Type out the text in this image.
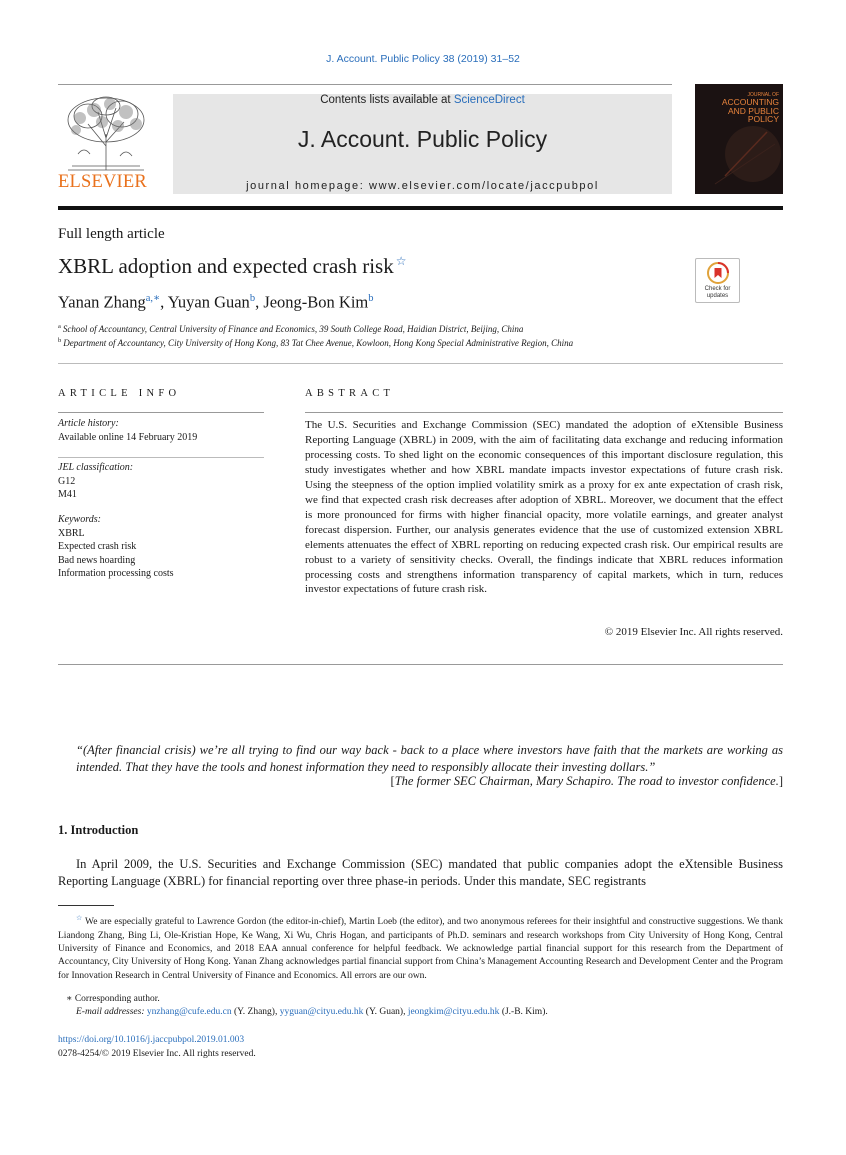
J. Account. Public Policy 38 (2019) 31–52
ELSEVIER
Contents lists available at ScienceDirect
J. Account. Public Policy
journal homepage: www.elsevier.com/locate/jaccpubpol
JOURNAL OF
ACCOUNTING
AND PUBLIC
POLICY
Full length article
XBRL adoption and expected crash risk ☆
Check for
updates
Yanan Zhang$^{a,∗}$, Yuyan Guan$^b$, Jeong-Bon Kim$^b$
$^a$ School of Accountancy, Central University of Finance and Economics, 39 South College Road, Haidian District, Beijing, China
$^b$ Department of Accountancy, City University of Hong Kong, 83 Tat Chee Avenue, Kowloon, Hong Kong Special Administrative Region, China
ARTICLE INFO
Article history:
Available online 14 February 2019
JEL classification:
G12
M41
Keywords:
XBRL
Expected crash risk
Bad news hoarding
Information processing costs
ABSTRACT
The U.S. Securities and Exchange Commission (SEC) mandated the adoption of eXtensible Business Reporting Language (XBRL) in 2009, with the aim of facilitating data exchange and reducing information processing costs. To shed light on the economic consequences of this important disclosure regulation, this study investigates whether and how XBRL mandate impacts investor expectations of future crash risk. Using the steepness of the option implied volatility smirk as a proxy for ex ante expectation of crash risk, we find that expected crash risk decreases after adoption of XBRL. Moreover, we document that the effect is more pronounced for firms with higher financial opacity, more volatile earnings, and greater analyst forecast dispersion. Further, our analysis generates evidence that the use of customized extension XBRL elements attenuates the effect of XBRL reporting on reducing expected crash risk. Our empirical results are robust to a variety of sensitivity checks. Overall, the findings indicate that XBRL reduces information processing costs and strengthens information transparency of capital markets, which in turn, reduces investor expectations of future crash risk.
© 2019 Elsevier Inc. All rights reserved.
“(After financial crisis) we’re all trying to find our way back - back to a place where investors have faith that the markets are working as intended. That they have the tools and honest information they need to responsibly allocate their investing dollars.”
[The former SEC Chairman, Mary Schapiro. The road to investor confidence.]
1. Introduction
In April 2009, the U.S. Securities and Exchange Commission (SEC) mandated that public companies adopt the eXtensible Business Reporting Language (XBRL) for financial reporting over three phase-in periods. Under this mandate, SEC registrants
☆ We are especially grateful to Lawrence Gordon (the editor-in-chief), Martin Loeb (the editor), and two anonymous referees for their insightful and constructive suggestions. We thank Liandong Zhang, Bing Li, Ole-Kristian Hope, Ke Wang, Xi Wu, Chris Hogan, and participants of Ph.D. seminars and research workshops from City University of Hong Kong, Central University of Finance and Economics, and 2018 EAA annual conference for helpful feedback. We acknowledge partial financial support for this research from the Department of Accountancy, City University of Hong Kong. Yanan Zhang acknowledges partial financial support from China’s Management Accounting Research and Development Center and the Program for Innovation Research in Central University of Finance and Economics. All errors are our own.
∗ Corresponding author.
E-mail addresses: ynzhang@cufe.edu.cn (Y. Zhang), yyguan@cityu.edu.hk (Y. Guan), jeongkim@cityu.edu.hk (J.-B. Kim).
https://doi.org/10.1016/j.jaccpubpol.2019.01.003
0278-4254/© 2019 Elsevier Inc. All rights reserved.
